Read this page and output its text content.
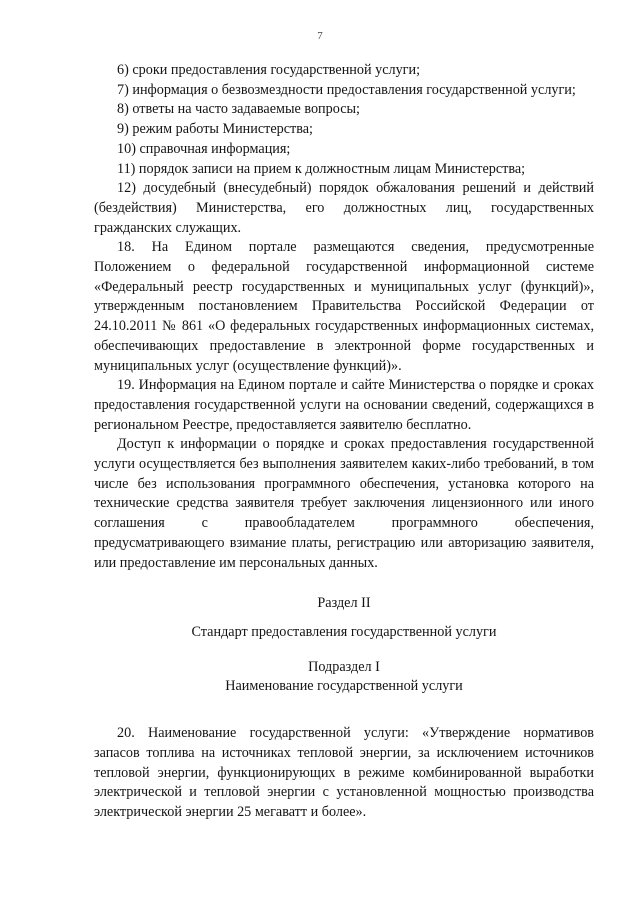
7

6) сроки предоставления государственной услуги;

7) информация о безвозмездности предоставления государственной услуги;

8) ответы на часто задаваемые вопросы;

9) режим работы Министерства;

10) справочная информация;

11) порядок записи на прием к должностным лицам Министерства;

12) досудебный (внесудебный) порядок обжалования решений и действий (бездействия) Министерства, его должностных лиц, государственных гражданских служащих.

18. На Едином портале размещаются сведения, предусмотренные Положением о федеральной государственной информационной системе «Федеральный реестр государственных и муниципальных услуг (функций)», утвержденным постановлением Правительства Российской Федерации от 24.10.2011 № 861 «О федеральных государственных информационных системах, обеспечивающих предоставление в электронной форме государственных и муниципальных услуг (осуществление функций)».

19. Информация на Едином портале и сайте Министерства о порядке и сроках предоставления государственной услуги на основании сведений, содержащихся в региональном Реестре, предоставляется заявителю бесплатно.

Доступ к информации о порядке и сроках предоставления государственной услуги осуществляется без выполнения заявителем каких-либо требований, в том числе без использования программного обеспечения, установка которого на технические средства заявителя требует заключения лицензионного или иного соглашения с правообладателем программного обеспечения, предусматривающего взимание платы, регистрацию или авторизацию заявителя, или предоставление им персональных данных.

Раздел II

Стандарт предоставления государственной услуги

Подраздел I

Наименование государственной услуги

20. Наименование государственной услуги: «Утверждение нормативов запасов топлива на источниках тепловой энергии, за исключением источников тепловой энергии, функционирующих в режиме комбинированной выработки электрической и тепловой энергии с установленной мощностью производства электрической энергии 25 мегаватт и более».
